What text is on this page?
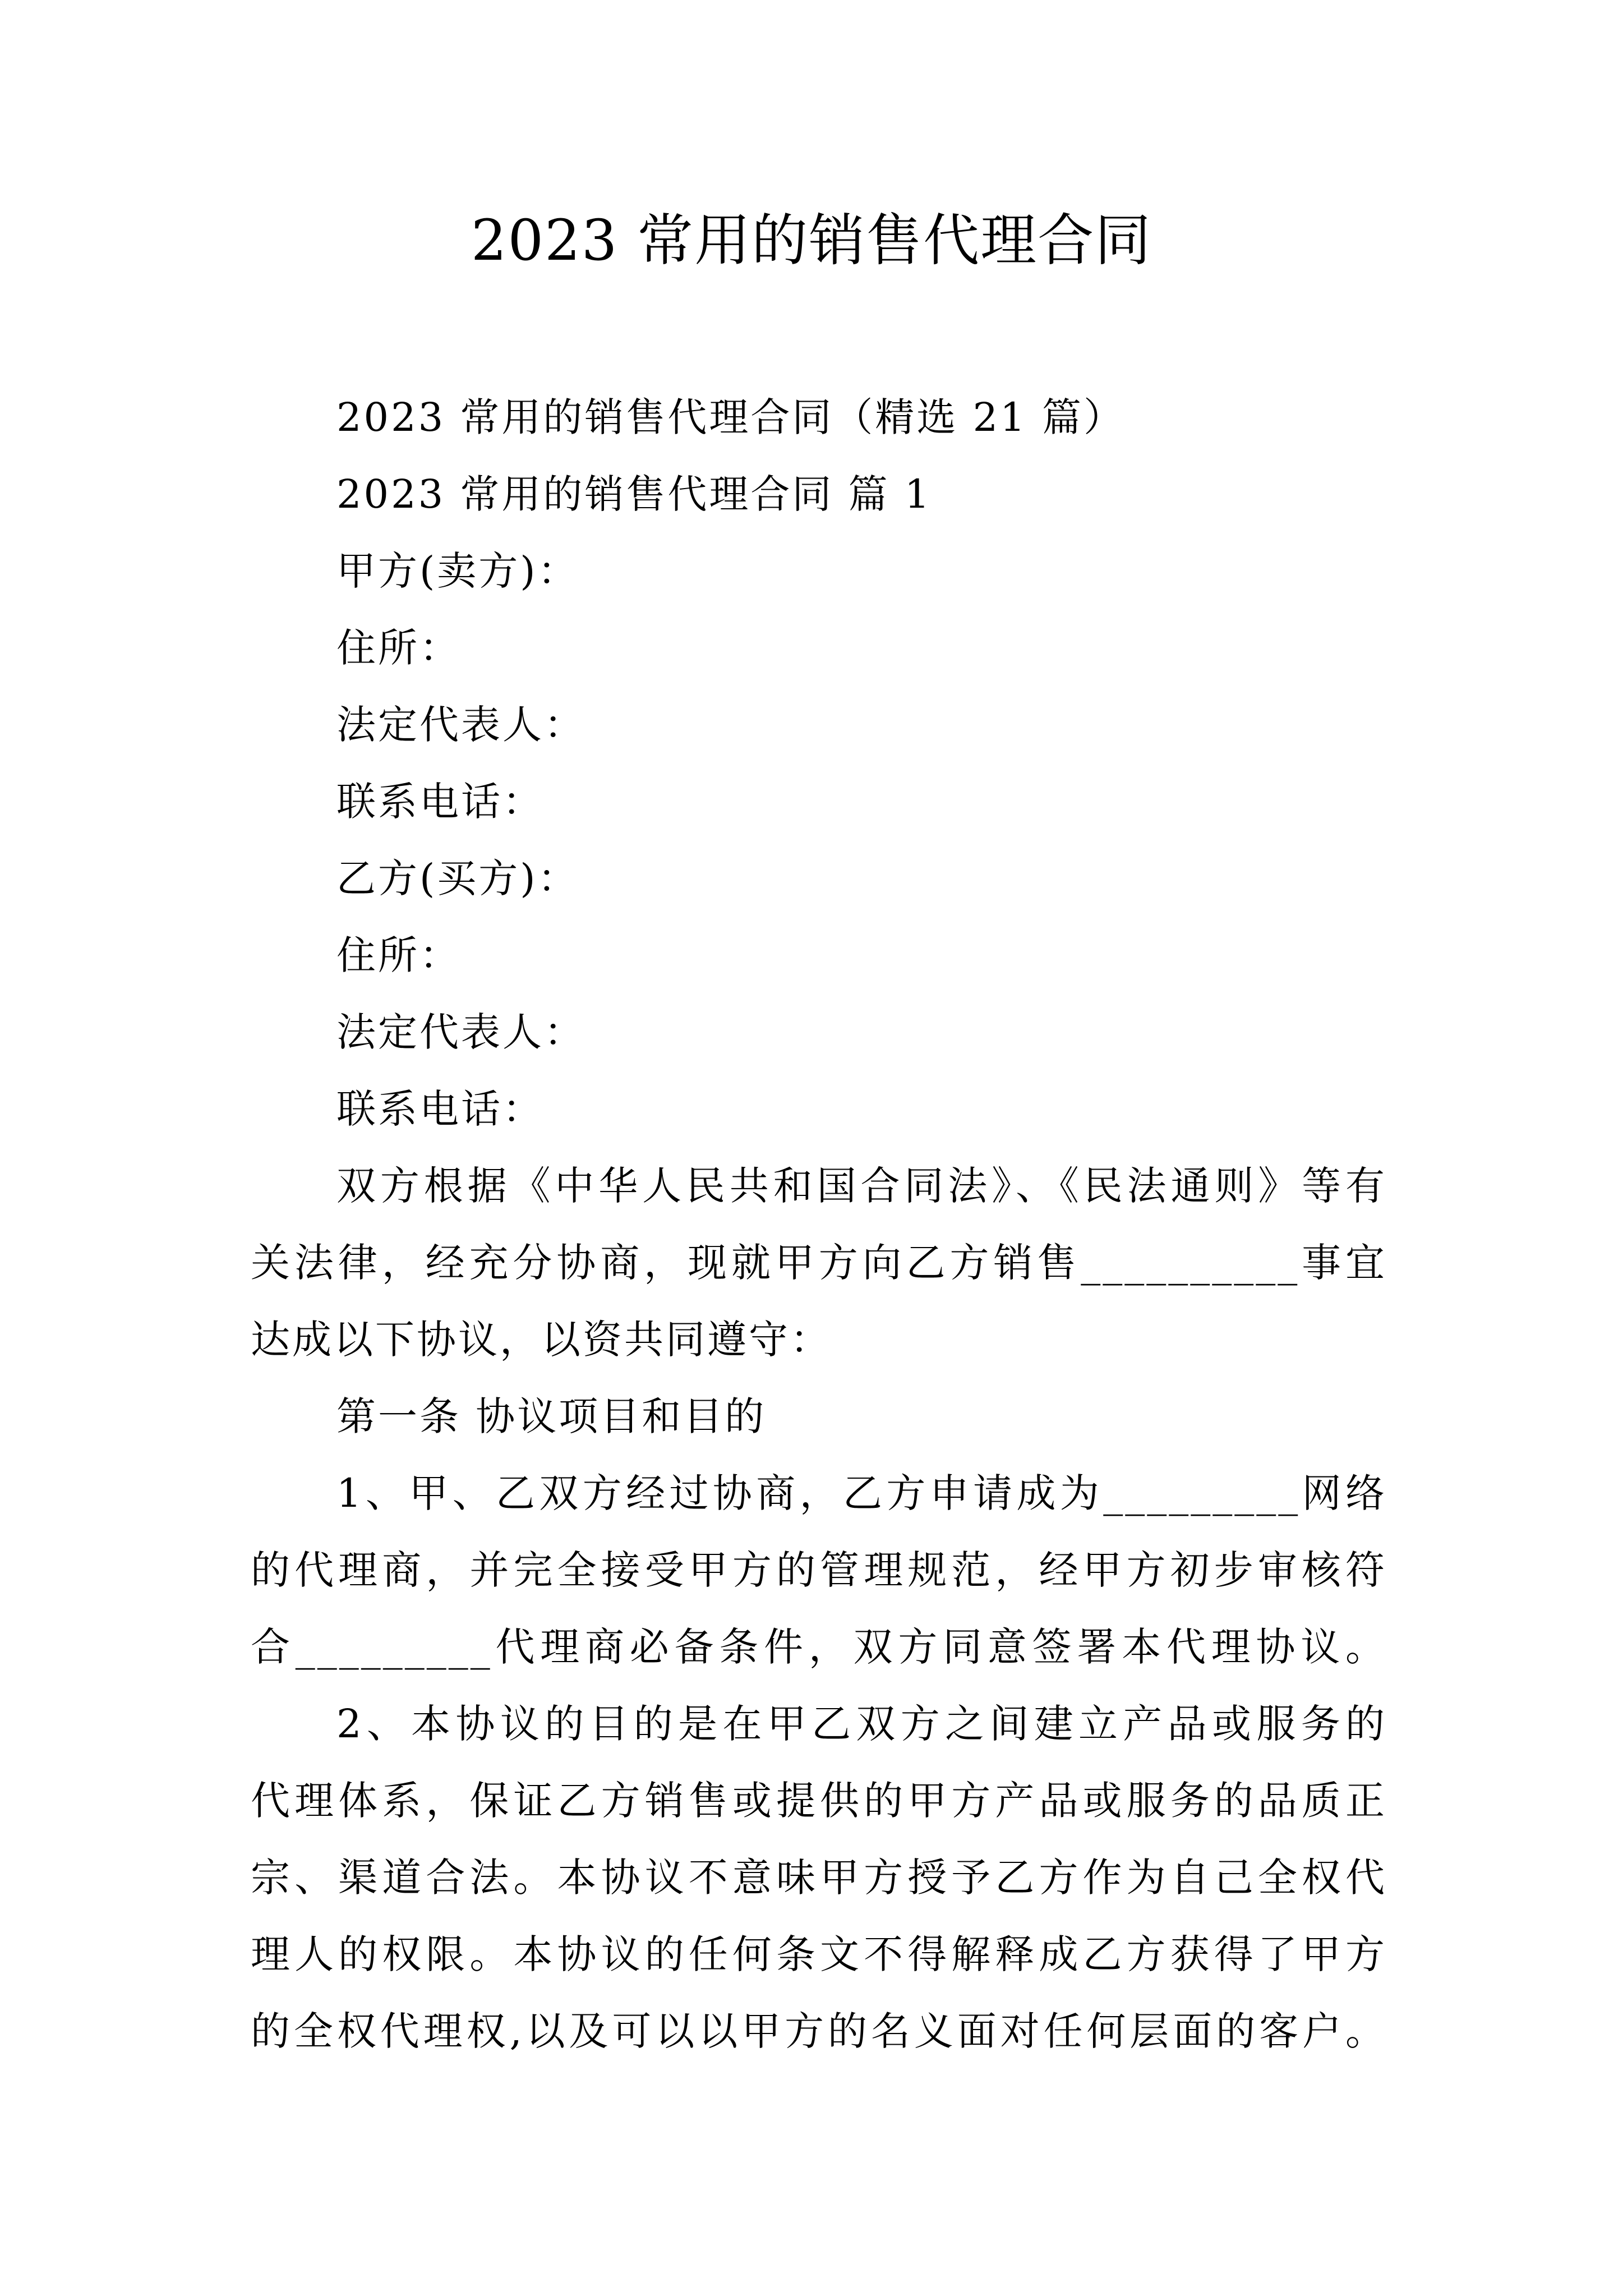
2023 常用的销售代理合同
2023 常用的销售代理合同（精选 21 篇）
2023 常用的销售代理合同 篇 1
甲方(卖方)：
住所：
法定代表人：
联系电话：
乙方(买方)：
住所：
法定代表人：
联系电话：
双方根据《中华人民共和国合同法》、《民法通则》等有
关法律，经充分协商，现就甲方向乙方销售__________事宜
达成以下协议，以资共同遵守：
第一条 协议项目和目的
1、甲、乙双方经过协商，乙方申请成为_________网络
的代理商，并完全接受甲方的管理规范，经甲方初步审核符
合_________代理商必备条件，双方同意签署本代理协议。
2、本协议的目的是在甲乙双方之间建立产品或服务的
代理体系，保证乙方销售或提供的甲方产品或服务的品质正
宗、渠道合法。本协议不意味甲方授予乙方作为自己全权代
理人的权限。本协议的任何条文不得解释成乙方获得了甲方
的全权代理权,以及可以以甲方的名义面对任何层面的客户。
